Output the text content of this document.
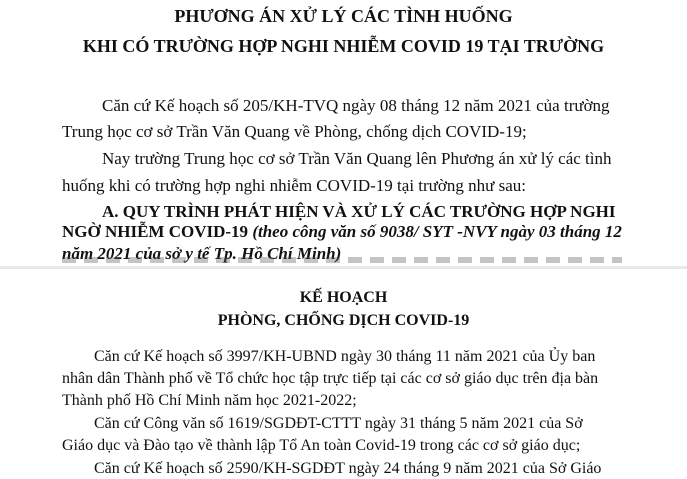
PHƯƠNG ÁN XỬ LÝ CÁC TÌNH HUỐNG
KHI CÓ TRƯỜNG HỢP NGHI NHIỄM COVID 19 TẠI TRƯỜNG
Căn cứ Kế hoạch số 205/KH-TVQ ngày 08 tháng 12 năm 2021 của trường
Trung học cơ sở Trần Văn Quang về Phòng, chống dịch COVID-19;
Nay trường Trung học cơ sở Trần Văn Quang lên Phương án xử lý các tình
huống khi có trường hợp nghi nhiễm COVID-19 tại trường như sau:
A. QUY TRÌNH PHÁT HIỆN VÀ XỬ LÝ CÁC TRƯỜNG HỢP NGHI
NGỜ NHIỄM COVID-19 (theo công văn số 9038/ SYT -NVY ngày 03 tháng 12
năm 2021 của sở y tế Tp. Hồ Chí Minh)
KẾ HOẠCH
PHÒNG, CHỐNG DỊCH COVID-19
Căn cứ Kế hoạch số 3997/KH-UBND ngày 30 tháng 11 năm 2021 của Ủy ban
nhân dân Thành phố về Tổ chức học tập trực tiếp tại các cơ sở giáo dục trên địa bàn
Thành phố Hồ Chí Minh năm học 2021-2022;
Căn cứ Công văn số 1619/SGDĐT-CTTT ngày 31 tháng 5 năm 2021 của Sở
Giáo dục và Đào tạo về thành lập Tổ An toàn Covid-19 trong các cơ sở giáo dục;
Căn cứ Kế hoạch số 2590/KH-SGDĐT ngày 24 tháng 9 năm 2021 của Sở Giáo
